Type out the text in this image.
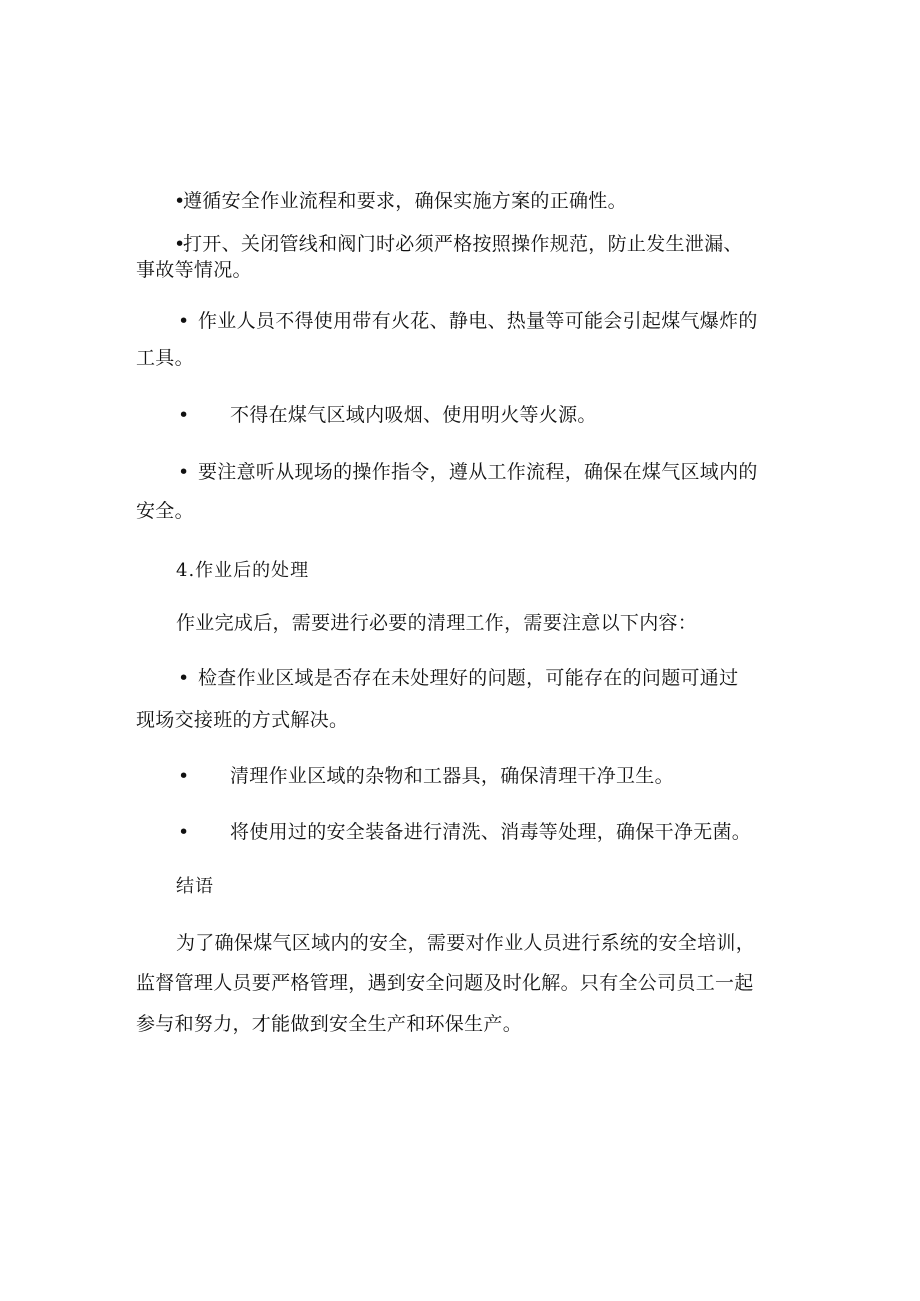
•
遵循安全作业流程和要求，确保实施方案的正确性。
•
打开、关闭管线和阀门时必须严格按照操作规范，防止发生泄漏、
事故等情况。
• 作业人员不得使用带有火花、静电、热量等可能会引起煤气爆炸的
工具。
• 不得在煤气区域内吸烟、使用明火等火源。
• 要注意听从现场的操作指令，遵从工作流程，确保在煤气区域内的
安全。
4.作业后的处理
作业完成后，需要进行必要的清理工作，需要注意以下内容：
• 检查作业区域是否存在未处理好的问题，可能存在的问题可通过
现场交接班的方式解决。
• 清理作业区域的杂物和工器具，确保清理干净卫生。
• 将使用过的安全装备进行清洗、消毒等处理，确保干净无菌。
结语
为了确保煤气区域内的安全，需要对作业人员进行系统的安全培训，
监督管理人员要严格管理，遇到安全问题及时化解。只有全公司员工一起
参与和努力，才能做到安全生产和环保生产。
